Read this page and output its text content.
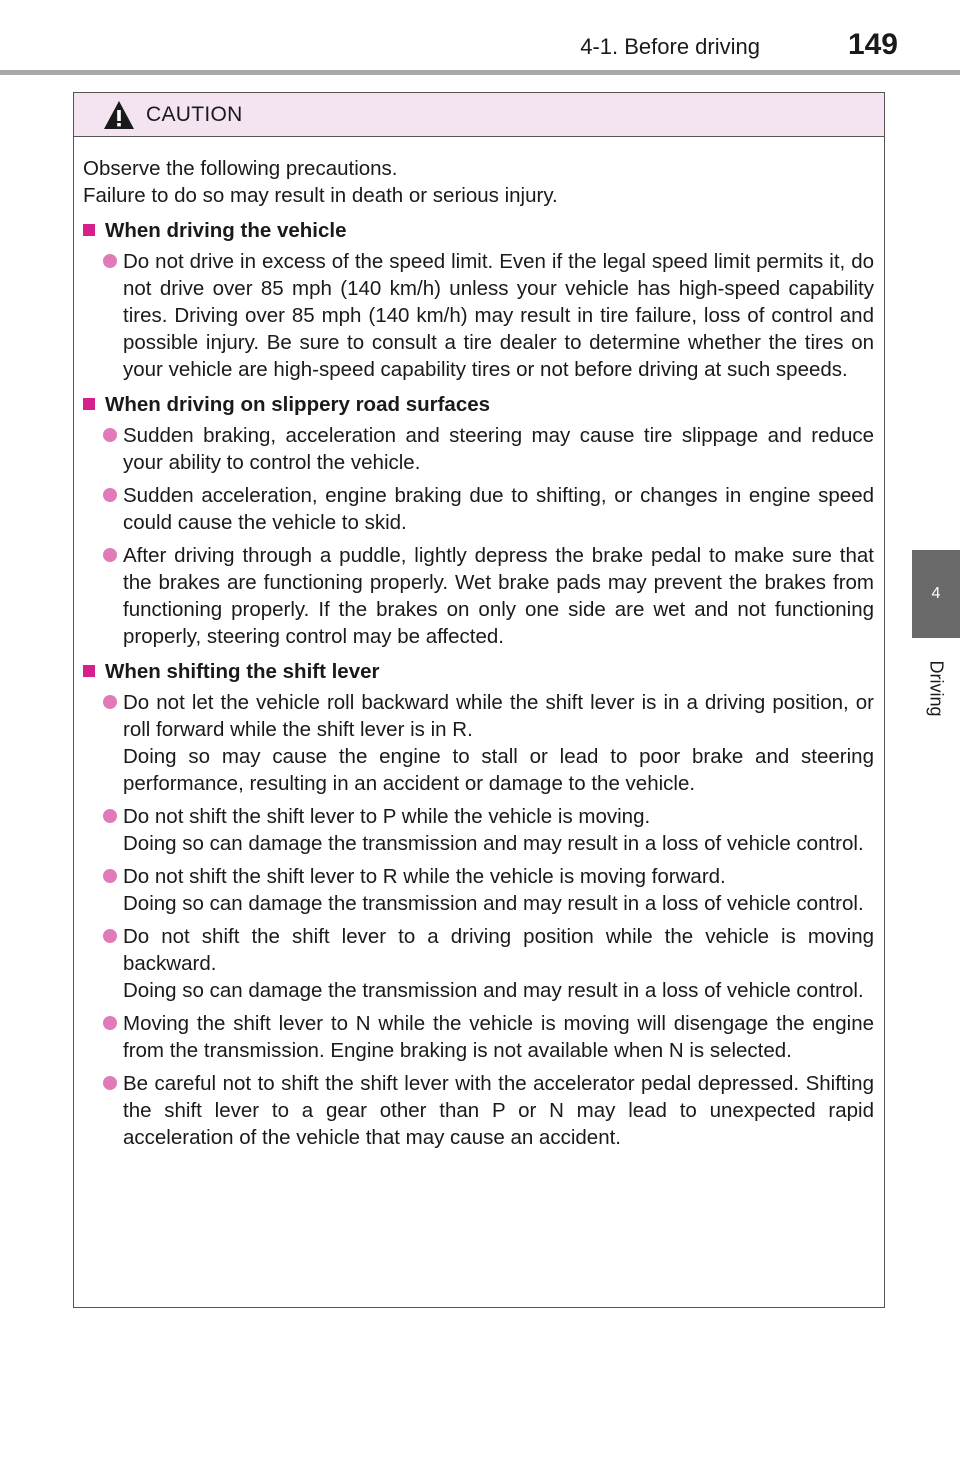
4-1. Before driving	149
4
Driving
CAUTION

Observe the following precautions.

Failure to do so may result in death or serious injury.

When driving the vehicle

Do not drive in excess of the speed limit. Even if the legal speed limit permits it, do not drive over 85 mph (140 km/h) unless your vehicle has high-speed capability tires. Driving over 85 mph (140 km/h) may result in tire failure, loss of control and possible injury. Be sure to consult a tire dealer to determine whether the tires on your vehicle are high-speed capability tires or not before driving at such speeds.

When driving on slippery road surfaces

Sudden braking, acceleration and steering may cause tire slippage and reduce your ability to control the vehicle.

Sudden acceleration, engine braking due to shifting, or changes in engine speed could cause the vehicle to skid.

After driving through a puddle, lightly depress the brake pedal to make sure that the brakes are functioning properly. Wet brake pads may prevent the brakes from functioning properly. If the brakes on only one side are wet and not functioning properly, steering control may be affected.

When shifting the shift lever

Do not let the vehicle roll backward while the shift lever is in a driving position, or roll forward while the shift lever is in R.

Doing so may cause the engine to stall or lead to poor brake and steering performance, resulting in an accident or damage to the vehicle.

Do not shift the shift lever to P while the vehicle is moving.

Doing so can damage the transmission and may result in a loss of vehicle control.

Do not shift the shift lever to R while the vehicle is moving forward.

Doing so can damage the transmission and may result in a loss of vehicle control.

Do not shift the shift lever to a driving position while the vehicle is moving backward.

Doing so can damage the transmission and may result in a loss of vehicle control.

Moving the shift lever to N while the vehicle is moving will disengage the engine from the transmission. Engine braking is not available when N is selected.

Be careful not to shift the shift lever with the accelerator pedal depressed. Shifting the shift lever to a gear other than P or N may lead to unexpected rapid acceleration of the vehicle that may cause an accident.
